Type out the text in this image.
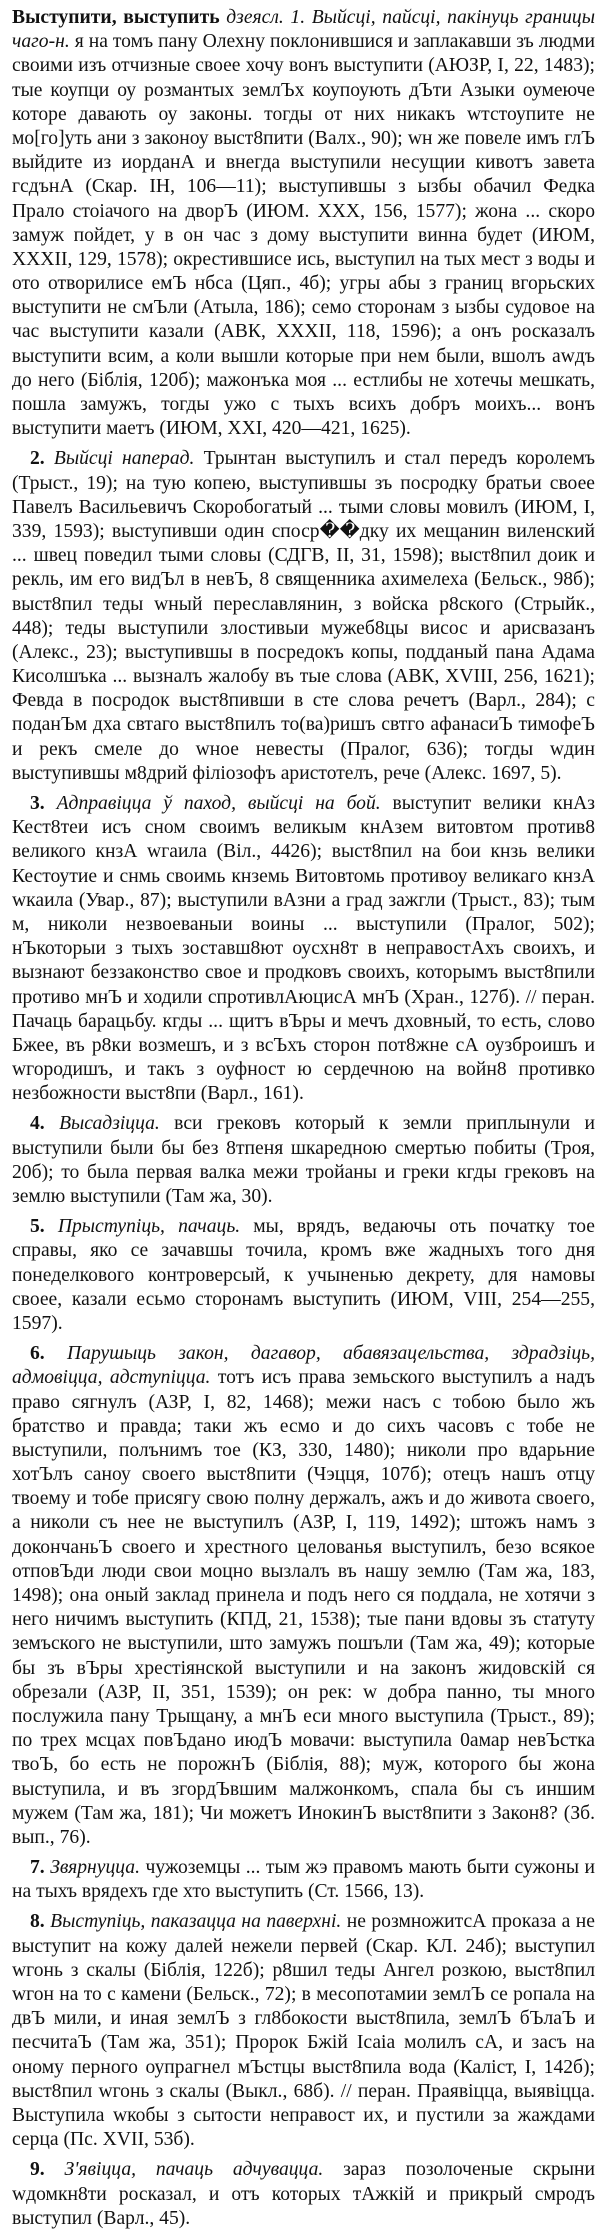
Выступити, выступить дзеясл. 1. Выйсці, пайсці, пакінуць границы чаго-н. я на томъ пану Олехну поклонившися и заплакавши зъ людми своими изъ отчизные своее хочу вонъ выступити (АЮЗР, I, 22, 1483); тые коупци оу розмантых землЪх коупоують дЪти Азыки оумеюче которе давають оу законы. тогды от них никакъ wтстоупите не мо[го]уть ани з законоу выст8пити (Валх., 90); wн же повеле имъ глЪ выйдите из иорданА и внегда выступили несущии кивотъ завета гсдънА (Скар. IН, 106—11); выступившы з ызбы обачил Федка Прало стоiачого на дворЪ (ИЮМ. XXX, 156, 1577); жона ... скоро замуж пойдет, у в он час з дому выступити винна будет (ИЮМ, XXXII, 129, 1578); окрестившисе ись, выступил на тых мест з воды и ото отворилисе емЪ нбса (Цяп., 4б); угры абы з границ вгорьских выступити не смЪли (Атыла, 186); семо сторонам з ызбы судовое на час выступити казали (АВК, XXXII, 118, 1596); а онъ росказалъ выступити всим, а коли вышли которые при нем были, вшолъ аwдъ до него (Біблія, 120б); мажонъка моя ... естлибы не хотечы мешкать, пошла замужъ, тогды ужо с тыхъ всихъ добръ моихъ... вонъ выступити маетъ (ИЮМ, XXI, 420—421, 1625).

2. Выйсці наперад. Трынтан выступилъ и стал передъ королемъ (Трыст., 19); на тую копею, выступившы зъ посродку братьи своее Павелъ Васильевичъ Скоробогатый ... тыми словы мовилъ (ИЮМ, I, 339, 1593); выступивши один споср��дку их мещанин виленский ... швец поведил тыми словы (СДГВ, II, 31, 1598); выст8пил доик и рекль, им его видЪл в невЪ, 8 священника ахимелеха (Бельск., 98б); выст8пил теды wный переславлянин, з войска р8ского (Стрыйк., 448); теды выступили злостивыи мужеб8цы висос и арисвазанъ (Алекс., 23); выступившы в посредокъ копы, подданый пана Адама Кисолшъка ... вызналъ жалобу въ тые слова (АВК, XVIII, 256, 1621); Февда в посродок выст8пивши в сте слова речетъ (Варл., 284); с поданЪм дха свтаго выст8пилъ то(ва)ришъ свтго афанасиЪ тимофеЪ и рекъ смеле до wное невесты (Пралог, 636); тогды wдин выступившы м8дрий філiозофъ аристотелъ, рече (Алекс. 1697, 5).

3. Адправіцца ў паход, выйсці на бой. выступит велики кнАз Кест8теи исъ сном своимъ великым кнАзем витовтом против8 великого кнзА wгаила (Віл., 4426); выст8пил на бои кнзь велики Кестоутие и снмь своимь кнземь Витовтомь противоу великагo кнзА wкаила (Увар., 87); выступили вАзни а град зажгли (Трыст., 83); тым м, николи незвоеваныи воины ... выступили (Пралог, 502); нЪкоторыи з тыхъ зоставш8ют оусхн8т в неправостАхъ своихъ, и вызнают беззаконство свое и продковъ своихъ, которымъ выст8пили противо мнЪ и ходили спротивлАюцисА мнЪ (Хран., 127б). // перан. Пачаць барацьбу. кгды ... щитъ вЪры и мечъ дховный, то есть, слово Бжее, въ р8ки возмешъ, и з всЪхъ сторон пот8жне сА оузброишъ и wгородишъ, и такъ з оуфност ю сердечною на войн8 противко незбожности выст8пи (Варл., 161).

4. Высадзіцца. вси грековъ который к земли приплынули и выступили были бы без 8тпеня шкаредною смертью побиты (Троя, 20б); то была первая валка межи тройаны и греки кгды грековъ на землю выступили (Там жа, 30).

5. Прыступіць, пачаць. мы, врядъ, ведаючы оть початку тое справы, яко се зачавшы точила, кромъ вже жадныхъ того дня понеделкового контроверсый, к учыненью декрету, для намовы своее, казали есьмо сторонамъ выступить (ИЮМ, VIII, 254—255, 1597).

6. Парушыць закон, дагавор, абавязацельства, здрадзіць, адмовіцца, адступіцца. тотъ исъ права земьского выступилъ а надъ право сягнулъ (АЗР, I, 82, 1468); межи насъ с тобою было жъ братство и правда; таки жъ есмо и до сихъ часовъ с тобе не выступили, полънимъ тое (КЗ, 330, 1480); николи про вдарьние хотЪлъ саноу своего выст8пити (Чэцця, 107б); отецъ нашъ отцу твоему и тобе присягу свою полну держалъ, ажъ и до живота своего, а николи съ нее не выступилъ (АЗР, I, 119, 1492); штожъ намъ з докончаньЪ своего и хрестного целованья выступилъ, безо всякое отповЪди люди свои моцно вызлалъ въ нашу землю (Там жа, 183, 1498); она оный заклад принела и подъ него ся поддала, не хотячи з него ничимъ выступить (КПД, 21, 1538); тые пани вдовы зъ статуту земъского не выступили, што замужъ пошъли (Там жа, 49); которые бы зъ вЪры хрестiянской выступили и на законъ жидовскiй ся обрезали (АЗР, II, 351, 1539); он рек: w добра панно, ты много послужила пану Трыщану, а мнЪ еси много выступила (Трыст., 89); по трех мсцах повЪдано июдЪ мовачи: выступила 0амар невЪстка твоЪ, бо есть не порожнЪ (Біблія, 88); муж, которого бы жона выступила, и въ згордЪвшим малжонкомъ, спала бы съ иншим мужем (Там жа, 181); Чи можетъ ИнокинЪ выст8пити з Закон8? (Зб. вып., 76).

7. Звярнуцца. чужоземцы ... тым жэ правомъ мають быти сужоны и на тыхъ врядехъ где хто выступить (Ст. 1566, 13).

8. Выступіць, паказацца на паверхні. не розмножитсА проказа а не выступит на кожу далей нежели первей (Скар. КЛ. 24б); выступил wгонь з скалы (Біблія, 122б); р8шил теды Ангел розкою, выст8пил wгон на то с камени (Бельск., 72); в месопотамии землЪ се ропала на двЪ мили, и иная землЪ з гл8бокости выст8пила, землЪ бЪлаЪ и песчитаЪ (Там жа, 351); Пророк Бжій Ісаіа молилъ сА, и засъ на оному перного оупрагнел мЪстцы выст8пила вода (Каліст, I, 142б); выст8пил wгонь з скалы (Выкл., 68б). // перан. Праявіцца, выявіцца. Выступила wкобы з сытости неправост их, и пустили за жаждами серца (Пс. XVII, 53б).

9. З'явіцца, пачаць адчувацца. зараз позолоченые скрыни wдомкн8ти росказал, и отъ которых тАжкiй и прикрый смродъ выступил (Варл., 45).
